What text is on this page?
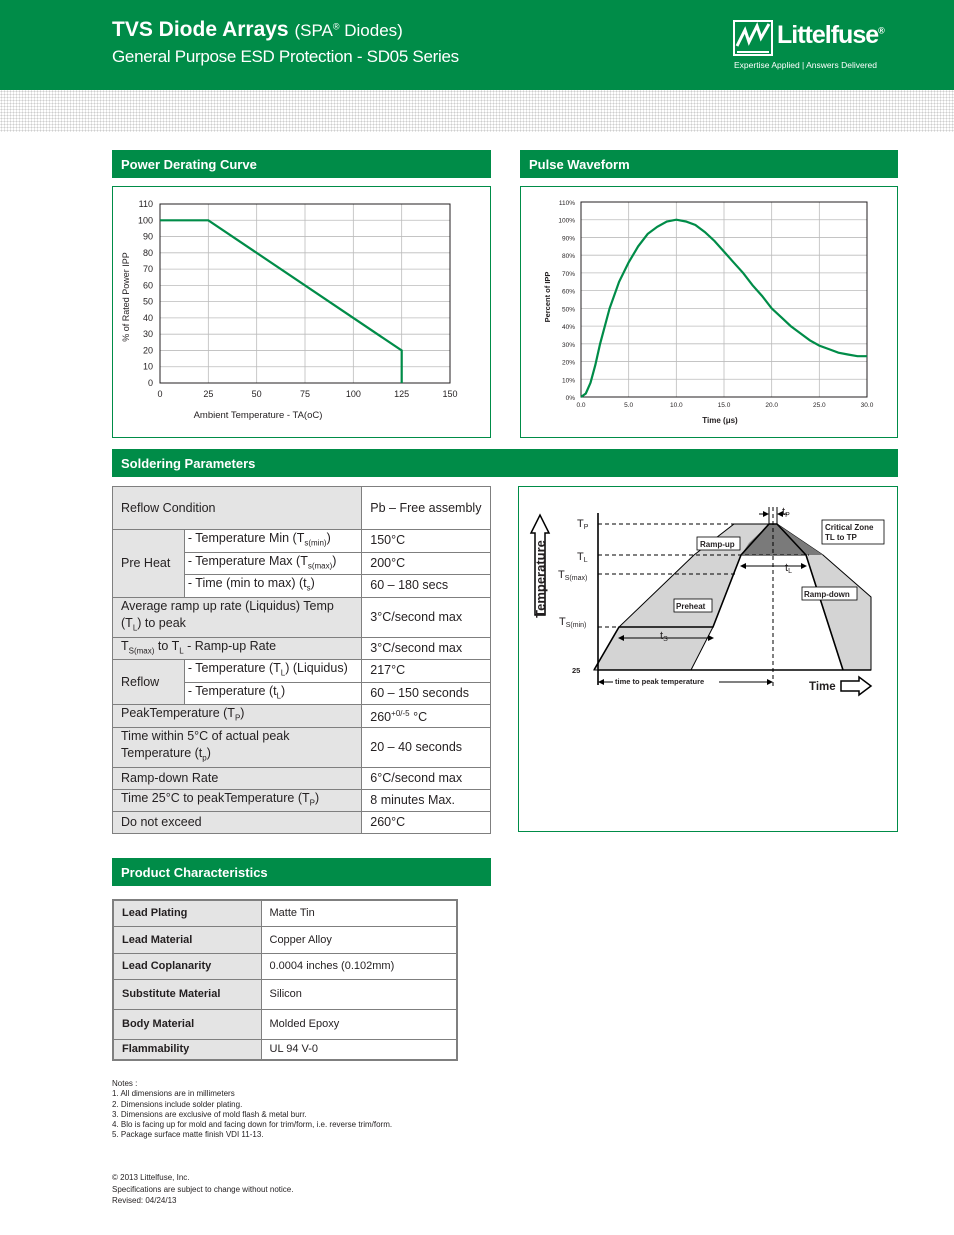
TVS Diode Arrays (SPA® Diodes)
General Purpose ESD Protection - SD05 Series
Littelfuse®
Expertise Applied | Answers Delivered
Power Derating Curve
% of Rated Power IPP
Ambient Temperature - TA(oC)
0	25	50	75	100	125	150
0
10
20
30
40
50
60
70
80
90
100
110
Pulse Waveform
Percent of IPP
Time (μs)
0.0	5.0	10.0	15.0	20.0	25.0	30.0
0%
10%
20%
30%
40%
50%
60%
70%
80%
90%
100%
110%
Soldering Parameters
Reflow Condition		Pb – Free assembly
Pre Heat	- Temperature Min $(T_{s(min)})$	150°C
	- Temperature Max $(T_{s(max)})$	200°C
	- Time (min to max) $(t_s)$	60 – 180 secs
Average ramp up rate (Liquidus) Temp $(T_L)$ to peak		3°C/second max
$T_{S(max)}$ to $T_L$ - Ramp-up Rate		3°C/second max
Reflow	- Temperature $(T_L)$ (Liquidus)	217°C
	- Temperature $(t_L)$	60 – 150 seconds
PeakTemperature $(T_P)$		$260^{+0/-5}$ °C
Time within 5°C of actual peak Temperature $(t_p)$		20 – 40 seconds
Ramp-down Rate		6°C/second max
Time 25°C to peakTemperature $(T_P)$		8 minutes Max.
Do not exceed		260°C
Temperature
Time
TP
TL
TS(max)
TS(min)
25
tP
tL
tS
Ramp-up
Preheat
Ramp-down
Critical Zone
TL to TP
time to peak temperature
Product Characteristics
Lead Plating	Matte Tin
Lead Material	Copper Alloy
Lead Coplanarity	0.0004 inches (0.102mm)
Substitute Material	Silicon
Body Material	Molded Epoxy
Flammability	UL 94 V-0
Notes :
1. All dimensions are in millimeters
2. Dimensions include solder plating.
3. Dimensions are exclusive of mold flash & metal burr.
4. Blo is facing up for mold and facing down for trim/form, i.e. reverse trim/form.
5. Package surface matte finish VDI 11-13.
© 2013 Littelfuse, Inc.
Specifications are subject to change without notice.
Revised: 04/24/13
